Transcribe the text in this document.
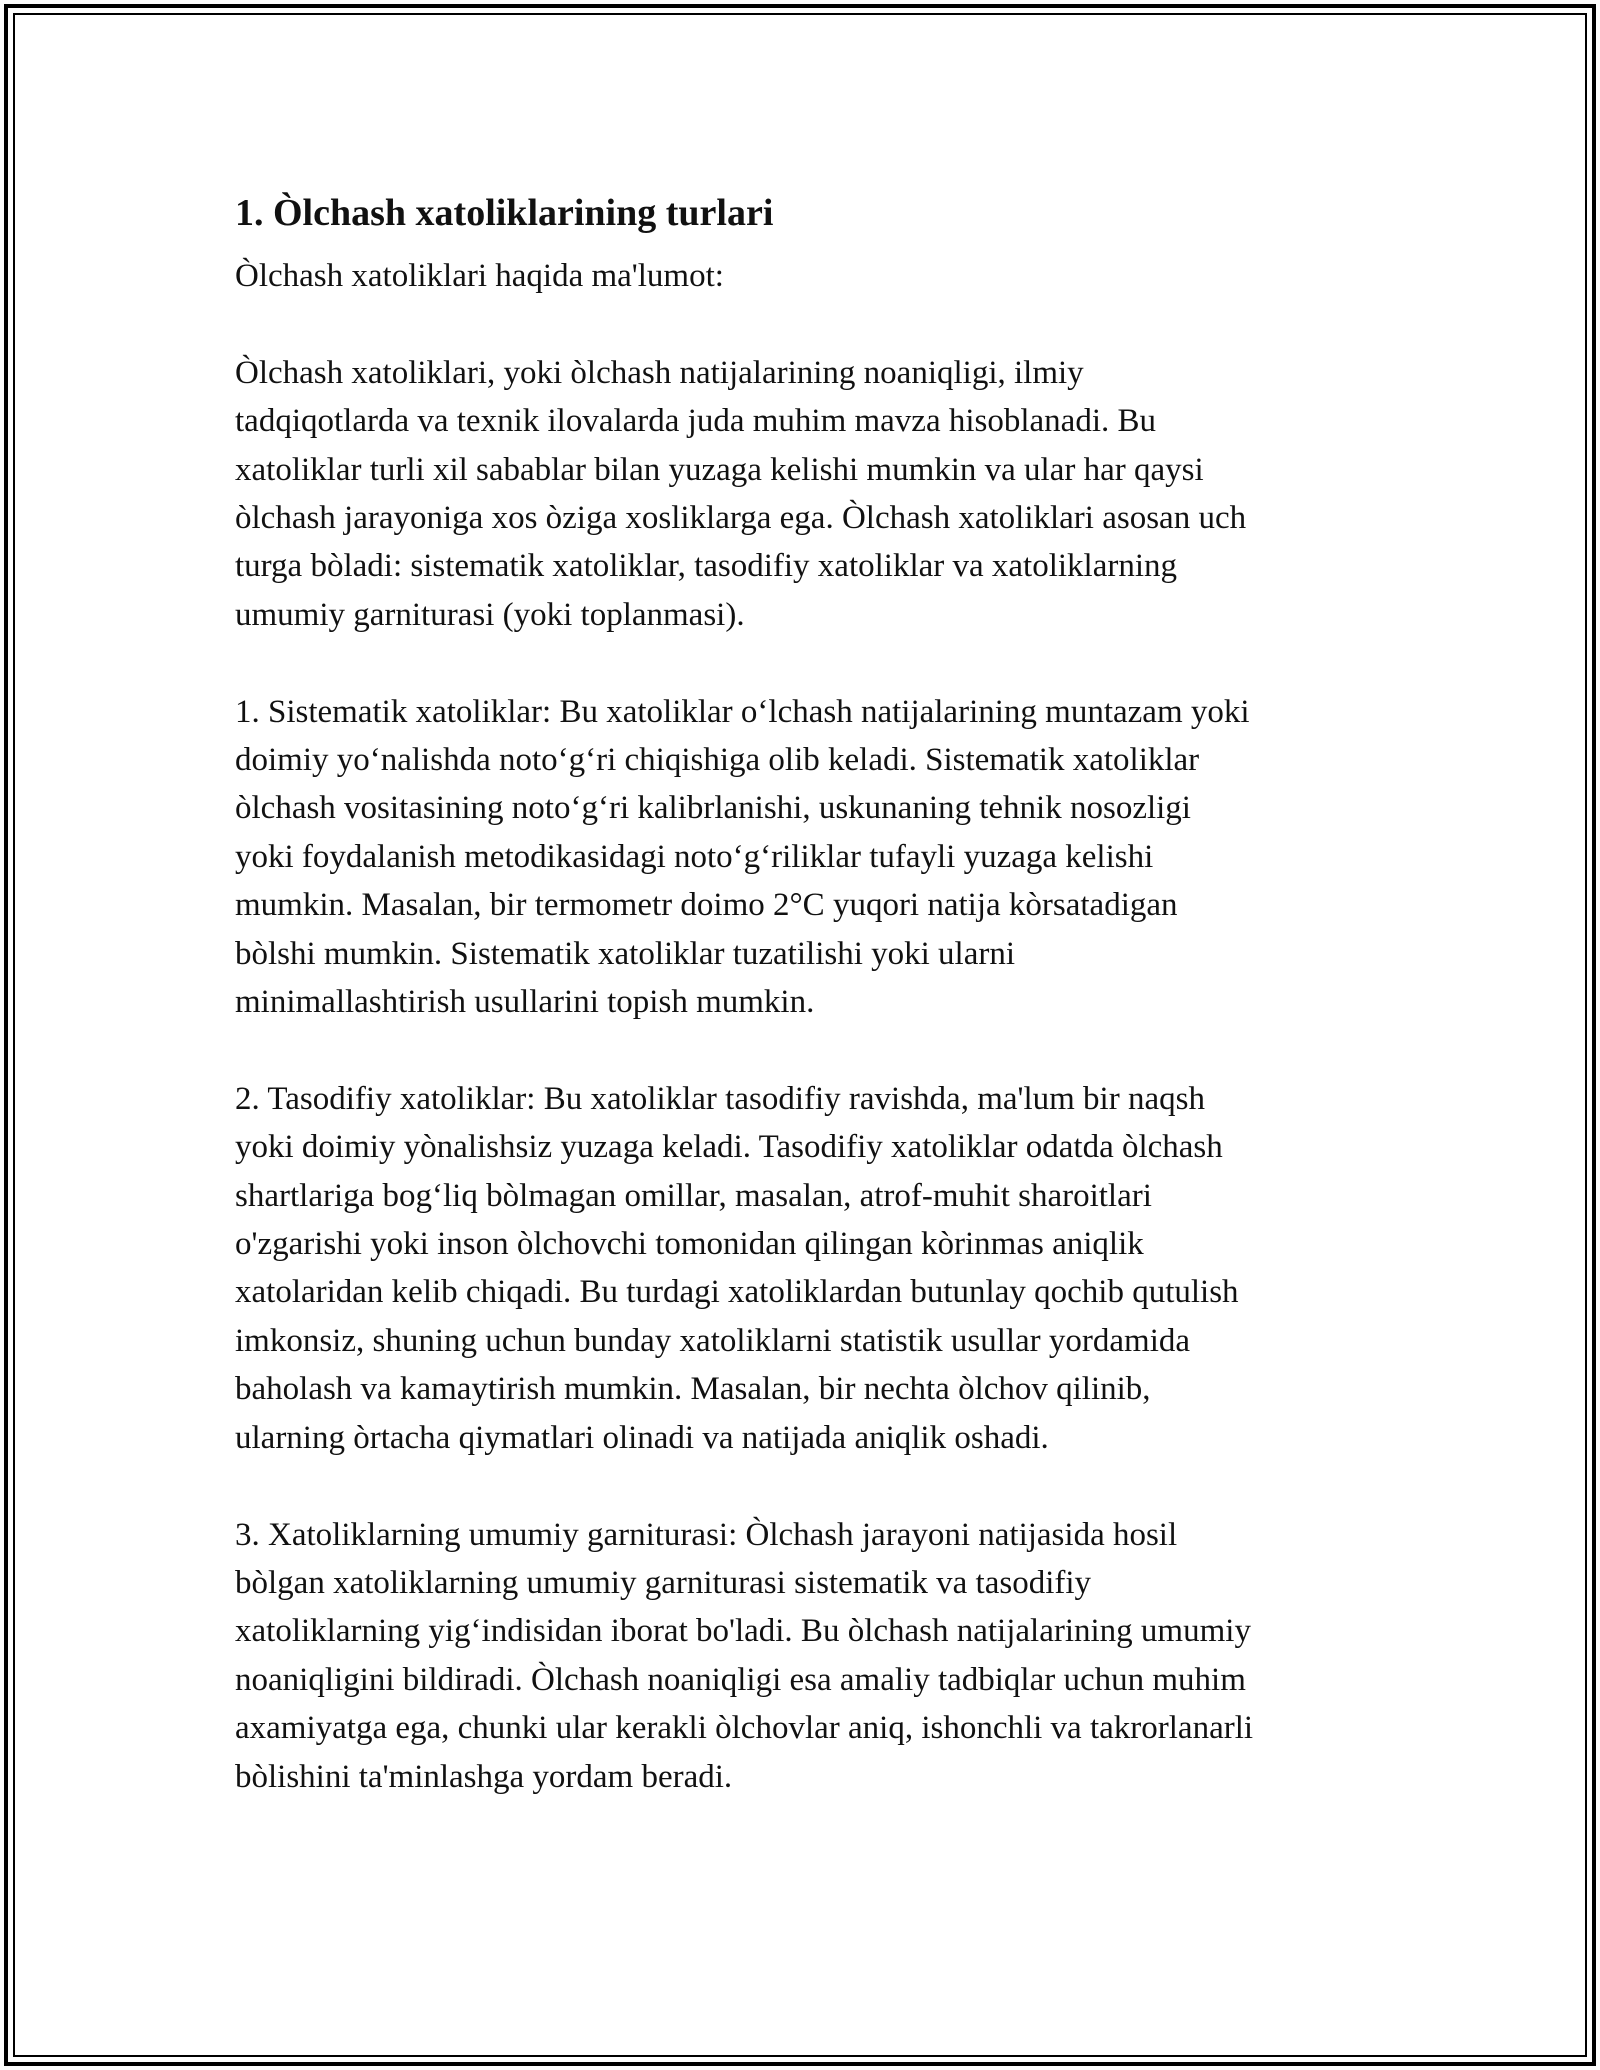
1. Òlchash xatoliklarining turlari

Òlchash xatoliklari haqida ma'lumot:

Òlchash xatoliklari, yoki òlchash natijalarining noaniqligi, ilmiy
tadqiqotlarda va texnik ilovalarda juda muhim mavza hisoblanadi. Bu
xatoliklar turli xil sabablar bilan yuzaga kelishi mumkin va ular har qaysi
òlchash jarayoniga xos òziga xosliklarga ega. Òlchash xatoliklari asosan uch
turga bòladi: sistematik xatoliklar, tasodifiy xatoliklar va xatoliklarning
umumiy garniturasi (yoki toplanmasi).

1. Sistematik xatoliklar: Bu xatoliklar o‘lchash natijalarining muntazam yoki
doimiy yo‘nalishda noto‘g‘ri chiqishiga olib keladi. Sistematik xatoliklar
òlchash vositasining noto‘g‘ri kalibrlanishi, uskunaning tehnik nosozligi
yoki foydalanish metodikasidagi noto‘g‘riliklar tufayli yuzaga kelishi
mumkin. Masalan, bir termometr doimo 2°C yuqori natija kòrsatadigan
bòlshi mumkin. Sistematik xatoliklar tuzatilishi yoki ularni
minimallashtirish usullarini topish mumkin.

2. Tasodifiy xatoliklar: Bu xatoliklar tasodifiy ravishda, ma'lum bir naqsh
yoki doimiy yònalishsiz yuzaga keladi. Tasodifiy xatoliklar odatda òlchash
shartlariga bog‘liq bòlmagan omillar, masalan, atrof-muhit sharoitlari
o'zgarishi yoki inson òlchovchi tomonidan qilingan kòrinmas aniqlik
xatolaridan kelib chiqadi. Bu turdagi xatoliklardan butunlay qochib qutulish
imkonsiz, shuning uchun bunday xatoliklarni statistik usullar yordamida
baholash va kamaytirish mumkin. Masalan, bir nechta òlchov qilinib,
ularning òrtacha qiymatlari olinadi va natijada aniqlik oshadi.

3. Xatoliklarning umumiy garniturasi: Òlchash jarayoni natijasida hosil
bòlgan xatoliklarning umumiy garniturasi sistematik va tasodifiy
xatoliklarning yig‘indisidan iborat bo'ladi. Bu òlchash natijalarining umumiy
noaniqligini bildiradi. Òlchash noaniqligi esa amaliy tadbiqlar uchun muhim
axamiyatga ega, chunki ular kerakli òlchovlar aniq, ishonchli va takrorlanarli
bòlishini ta'minlashga yordam beradi.
